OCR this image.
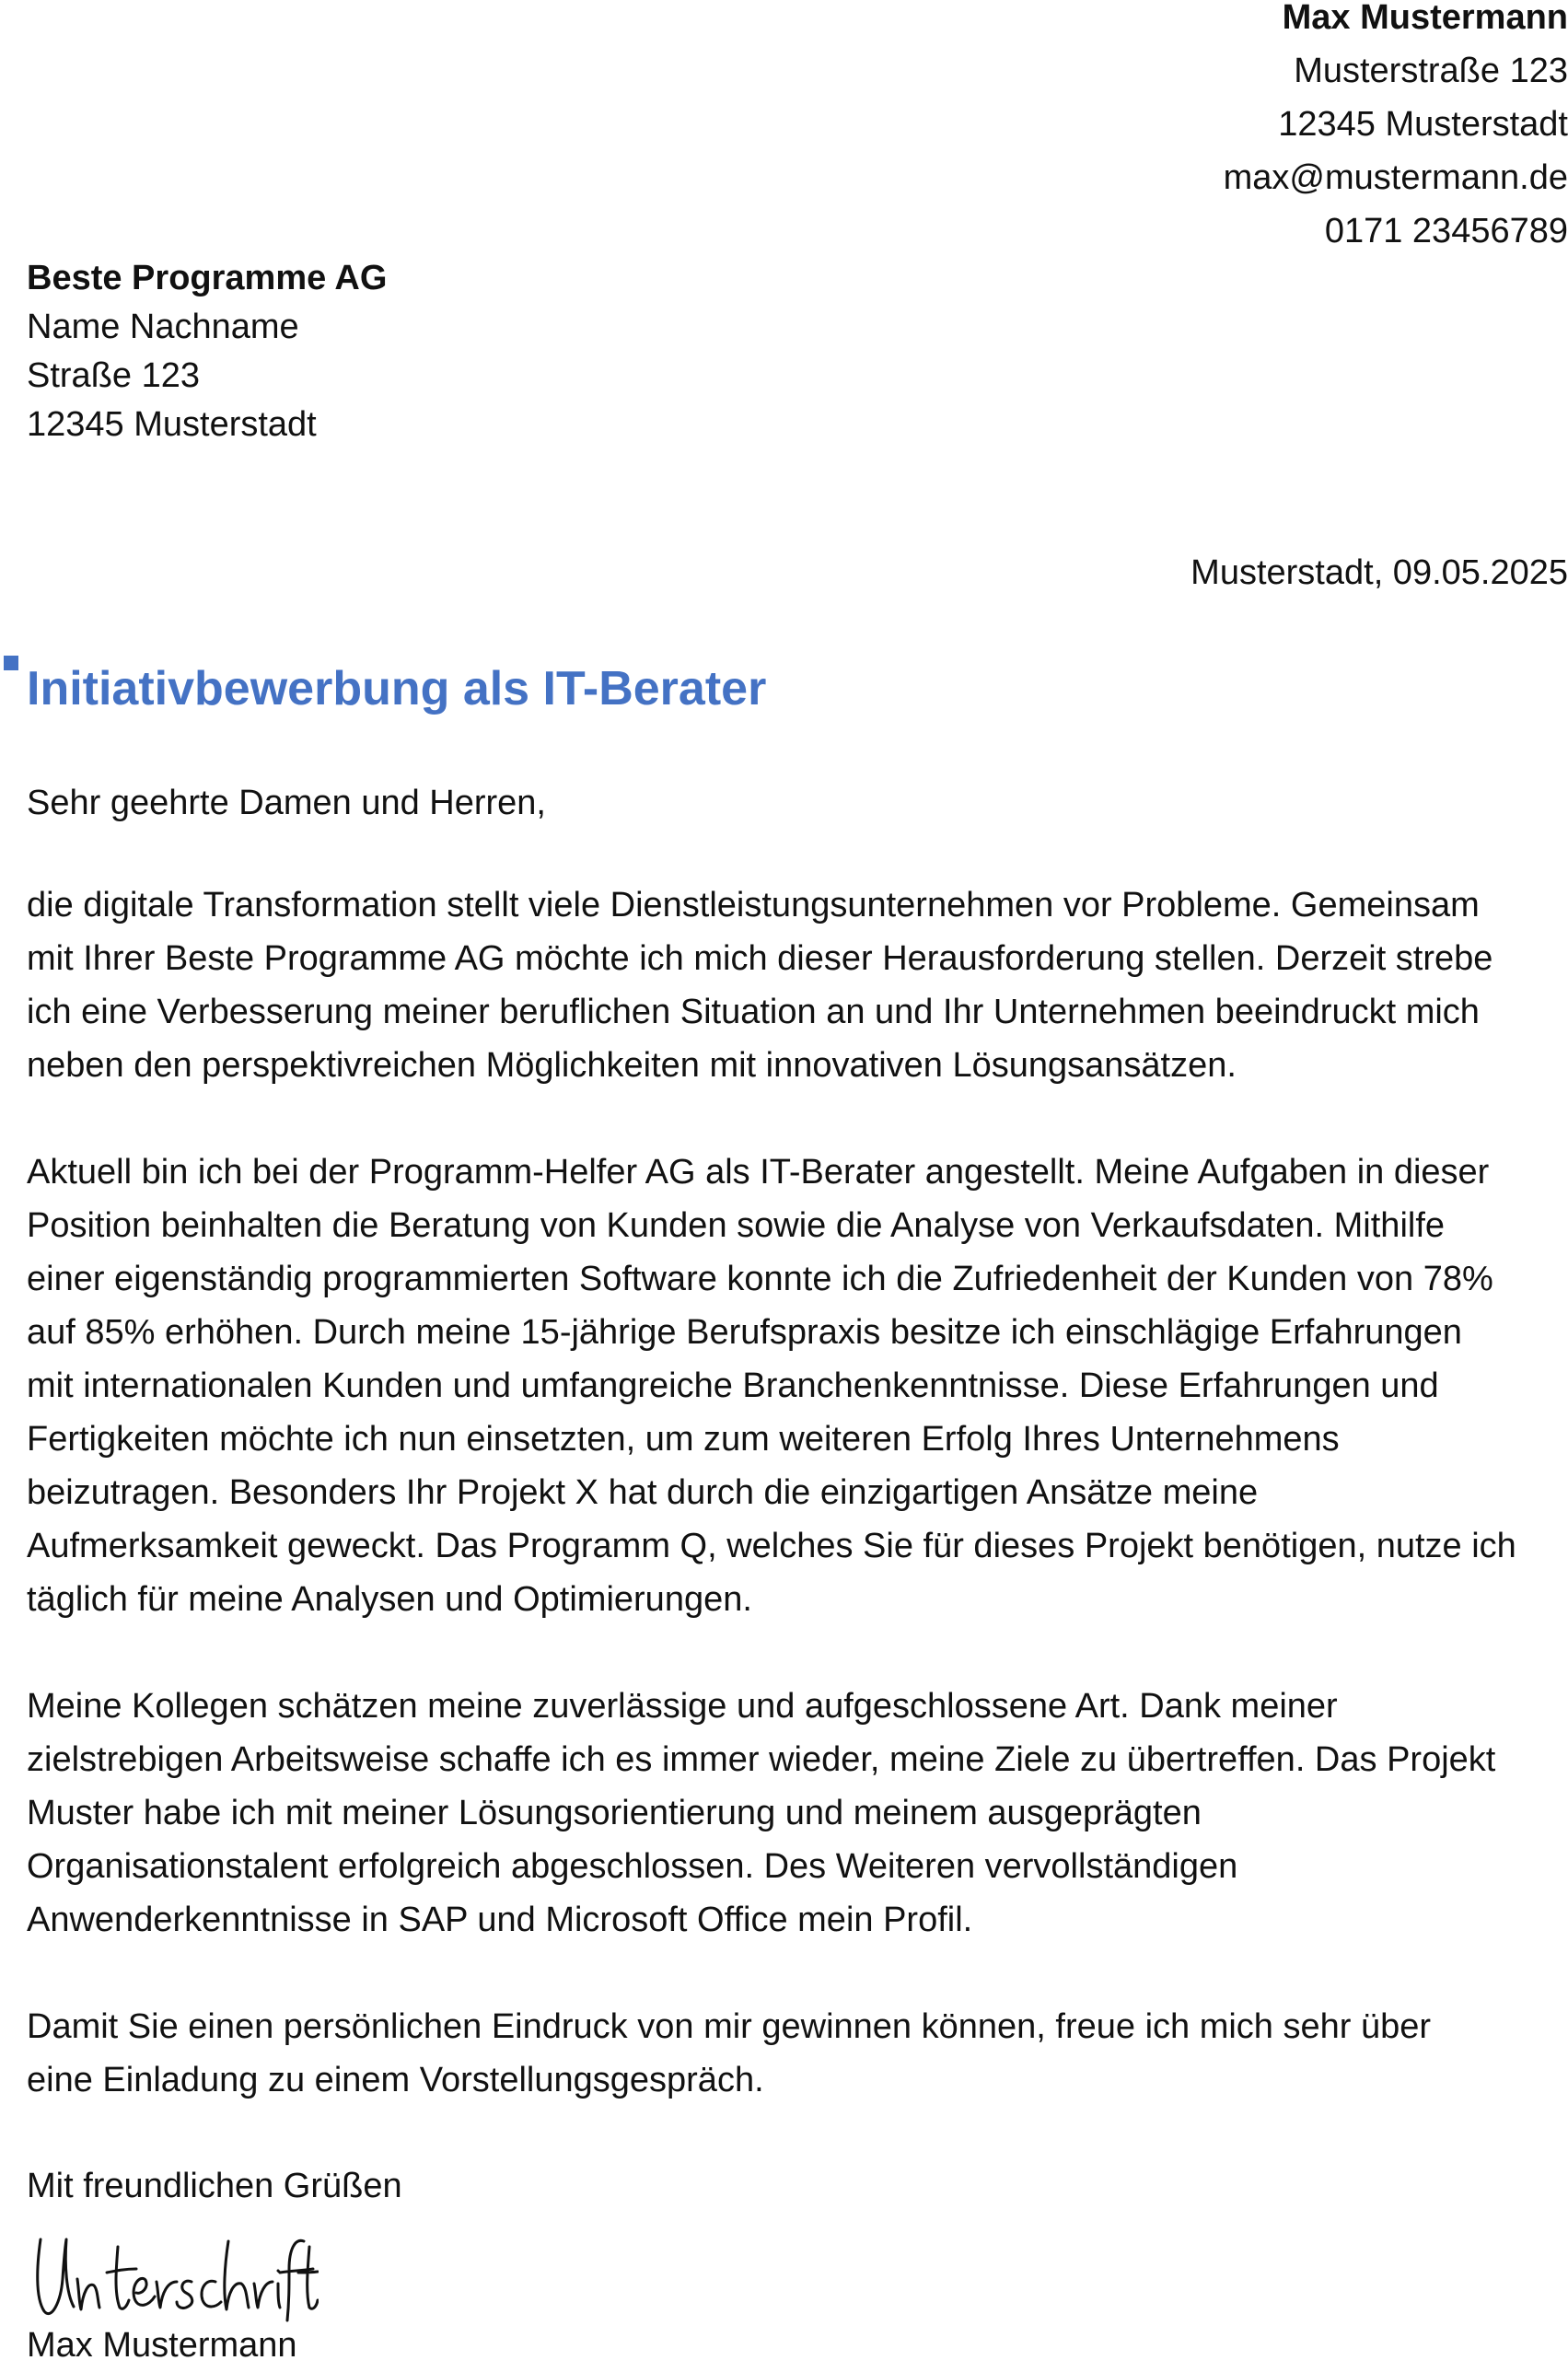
Max Mustermann
Musterstraße 123
12345 Musterstadt
max@mustermann.de
0171 23456789
Beste Programme AG
Name Nachname
Straße 123
12345 Musterstadt
Musterstadt, 09.05.2025
Initiativbewerbung als IT-Berater
Sehr geehrte Damen und Herren,
die digitale Transformation stellt viele Dienstleistungsunternehmen vor Probleme. Gemeinsam
mit Ihrer Beste Programme AG möchte ich mich dieser Herausforderung stellen. Derzeit strebe
ich eine Verbesserung meiner beruflichen Situation an und Ihr Unternehmen beeindruckt mich
neben den perspektivreichen Möglichkeiten mit innovativen Lösungsansätzen.
Aktuell bin ich bei der Programm-Helfer AG als IT-Berater angestellt. Meine Aufgaben in dieser
Position beinhalten die Beratung von Kunden sowie die Analyse von Verkaufsdaten. Mithilfe
einer eigenständig programmierten Software konnte ich die Zufriedenheit der Kunden von 78%
auf 85% erhöhen. Durch meine 15-jährige Berufspraxis besitze ich einschlägige Erfahrungen
mit internationalen Kunden und umfangreiche Branchenkenntnisse. Diese Erfahrungen und
Fertigkeiten möchte ich nun einsetzten, um zum weiteren Erfolg Ihres Unternehmens
beizutragen. Besonders Ihr Projekt X hat durch die einzigartigen Ansätze meine
Aufmerksamkeit geweckt. Das Programm Q, welches Sie für dieses Projekt benötigen, nutze ich
täglich für meine Analysen und Optimierungen.
Meine Kollegen schätzen meine zuverlässige und aufgeschlossene Art. Dank meiner
zielstrebigen Arbeitsweise schaffe ich es immer wieder, meine Ziele zu übertreffen. Das Projekt
Muster habe ich mit meiner Lösungsorientierung und meinem ausgeprägten
Organisationstalent erfolgreich abgeschlossen. Des Weiteren vervollständigen
Anwenderkenntnisse in SAP und Microsoft Office mein Profil.
Damit Sie einen persönlichen Eindruck von mir gewinnen können, freue ich mich sehr über
eine Einladung zu einem Vorstellungsgespräch.
Mit freundlichen Grüßen
Max Mustermann
